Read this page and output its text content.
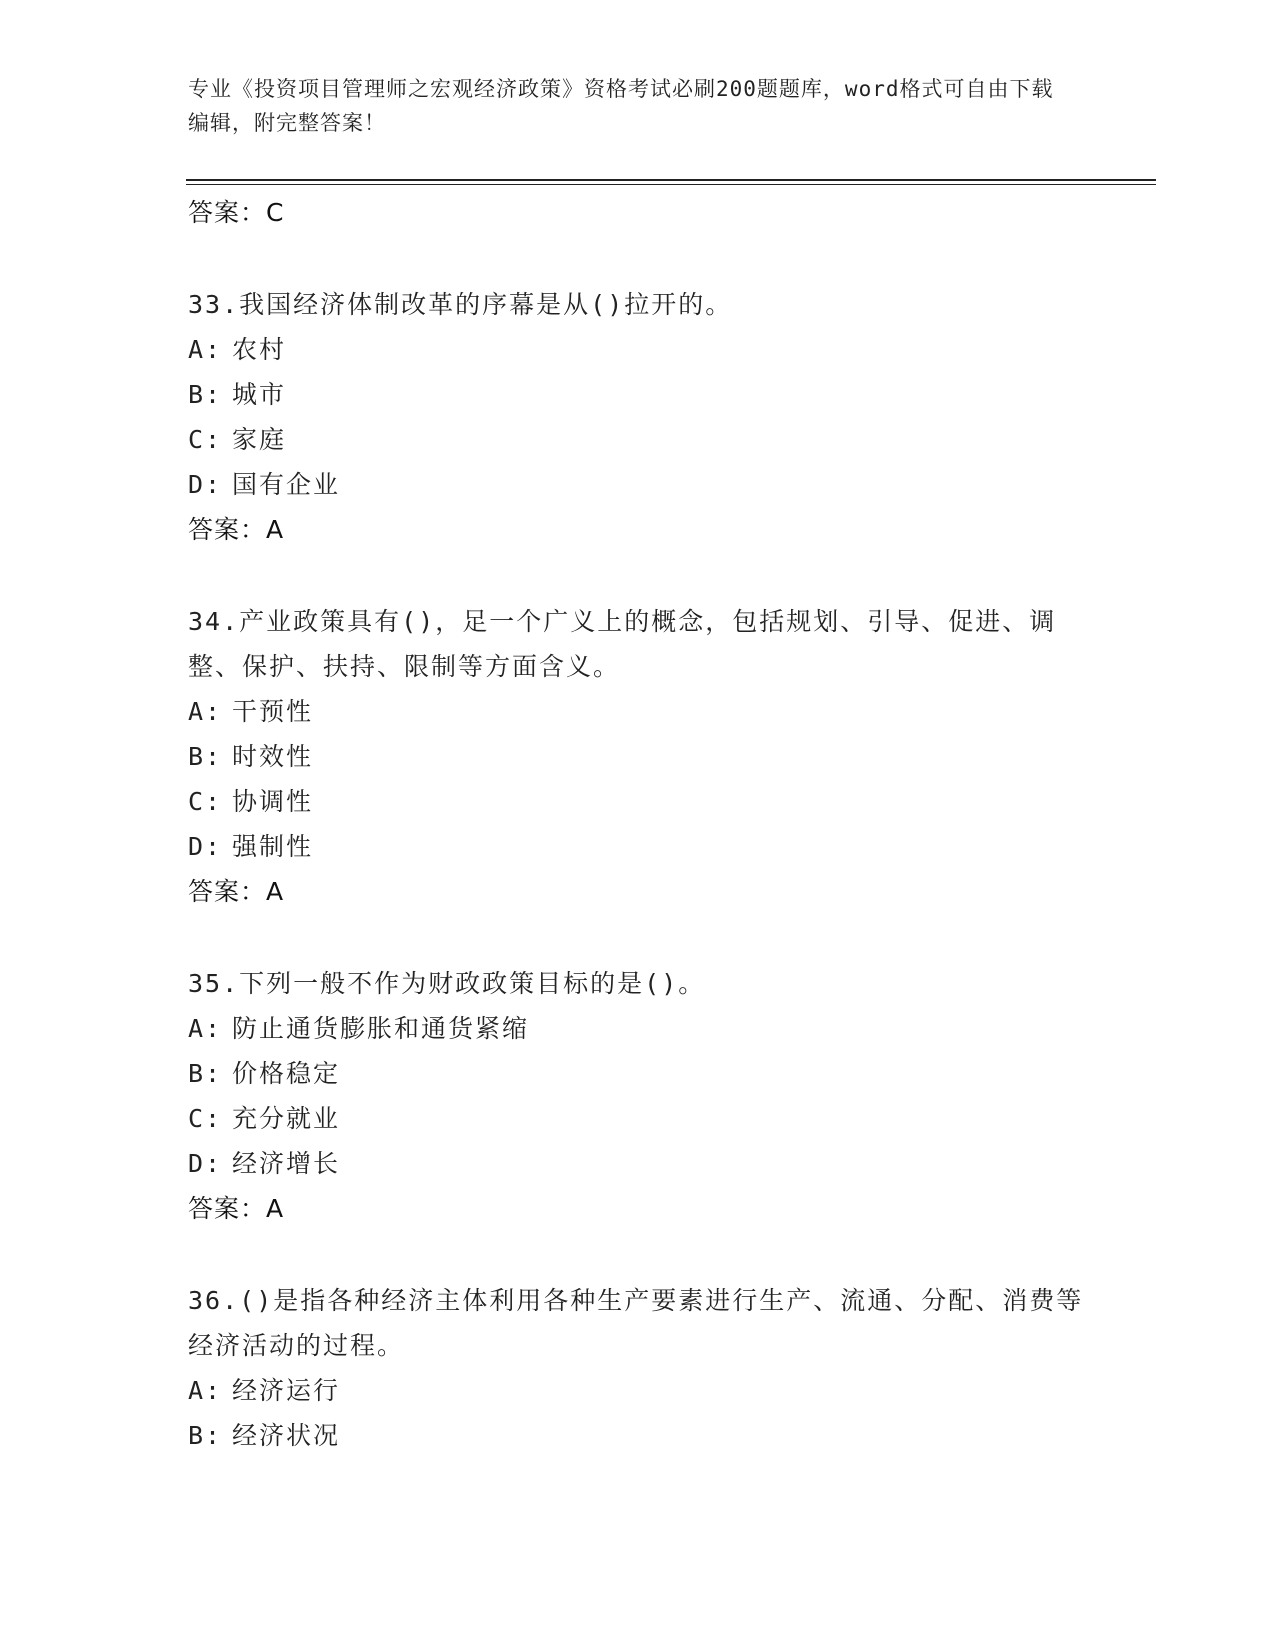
专业《投资项目管理师之宏观经济政策》资格考试必刷200题题库，word格式可自由下载编辑，附完整答案！
答案：C
33.我国经济体制改革的序幕是从()拉开的。
A: 农村
B: 城市
C: 家庭
D: 国有企业
答案：A
34.产业政策具有()，足一个广义上的概念，包括规划、引导、促进、调整、保护、扶持、限制等方面含义。
A: 干预性
B: 时效性
C: 协调性
D: 强制性
答案：A
35.下列一般不作为财政政策目标的是()。
A: 防止通货膨胀和通货紧缩
B: 价格稳定
C: 充分就业
D: 经济增长
答案：A
36.()是指各种经济主体利用各种生产要素进行生产、流通、分配、消费等经济活动的过程。
A: 经济运行
B: 经济状况
